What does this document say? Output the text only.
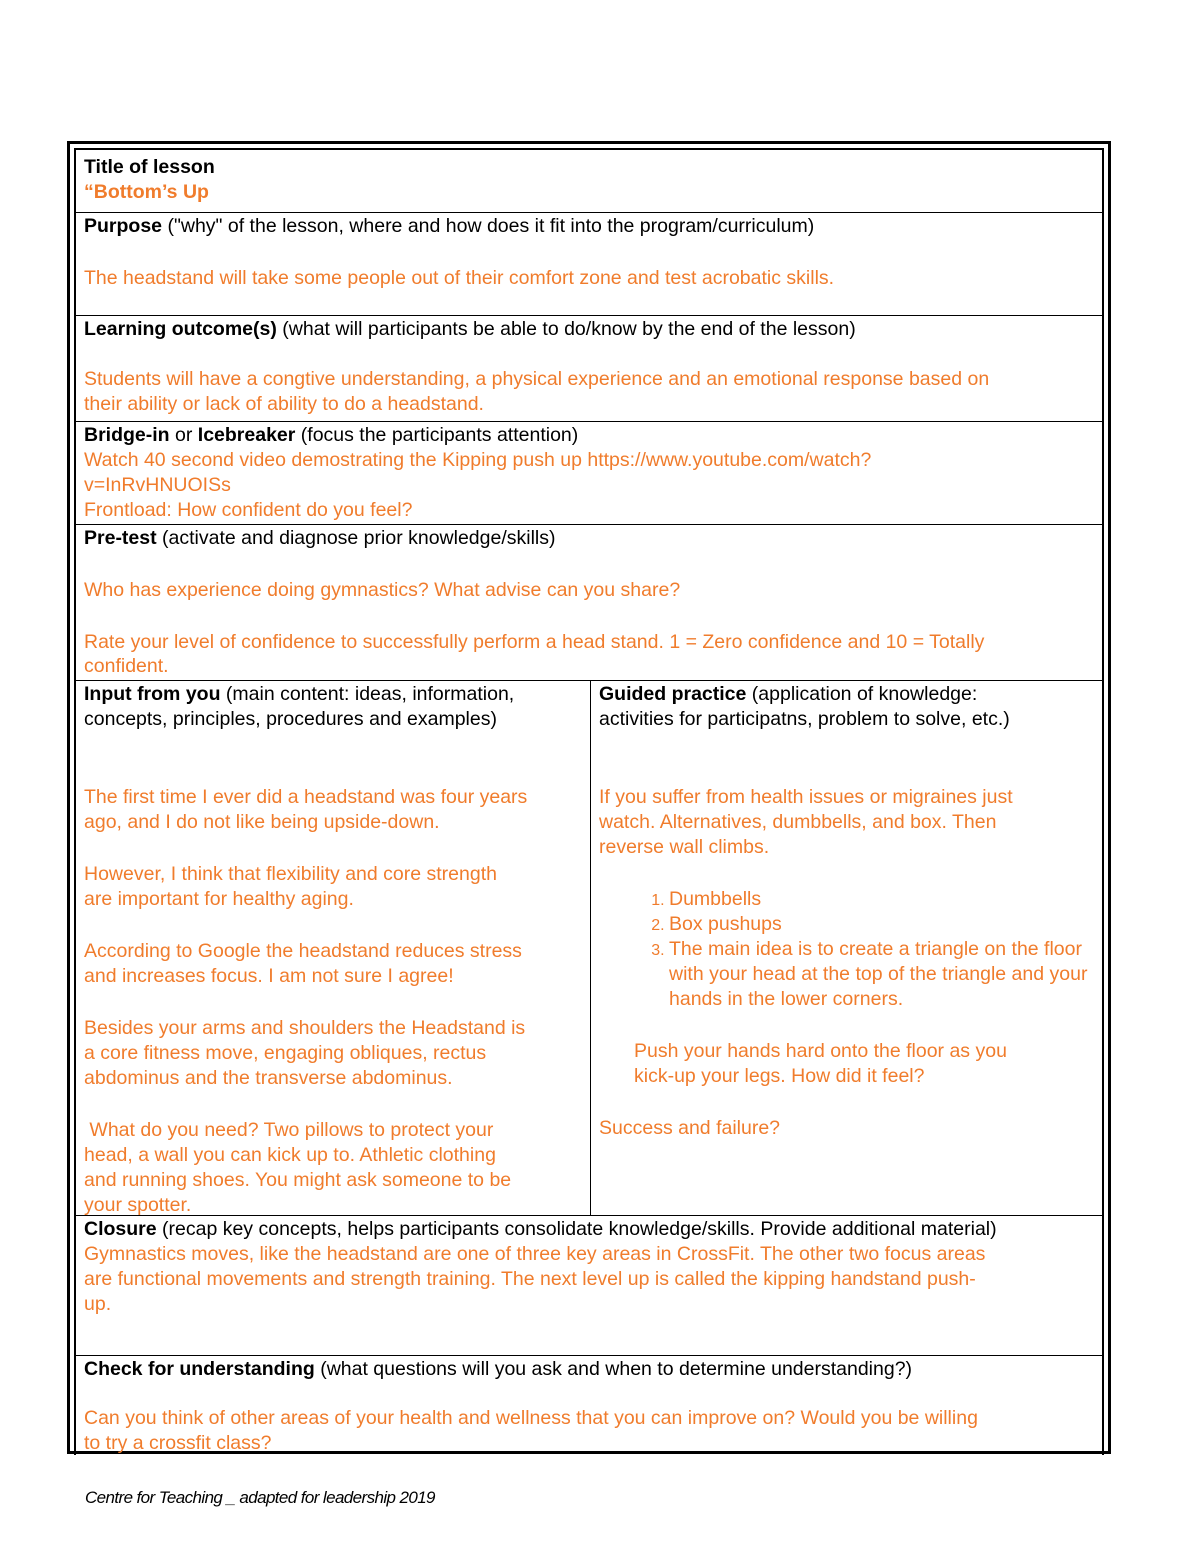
Title of lesson

“Bottom’s Up

Purpose ("why" of the lesson, where and how does it fit into the program/curriculum)

The headstand will take some people out of their comfort zone and test acrobatic skills.

Learning outcome(s) (what will participants be able to do/know by the end of the lesson)

Students will have a congtive understanding, a physical experience and an emotional response based on

their ability or lack of ability to do a headstand.

Bridge-in or Icebreaker (focus the participants attention)

Watch 40 second video demostrating the Kipping push up https://www.youtube.com/watch?

v=InRvHNUOISs

Frontload: How confident do you feel?

Pre-test (activate and diagnose prior knowledge/skills)

Who has experience doing gymnastics? What advise can you share?

Rate your level of confidence to successfully perform a head stand. 1 = Zero confidence and 10 = Totally

confident.

Input from you (main content: ideas, information,

concepts, principles, procedures and examples)

The first time I ever did a headstand was four years

ago, and I do not like being upside-down.

However, I think that flexibility and core strength

are important for healthy aging.

According to Google the headstand reduces stress

and increases focus. I am not sure I agree!

Besides your arms and shoulders the Headstand is

a core fitness move, engaging obliques, rectus

abdominus and the transverse abdominus.

What do you need? Two pillows to protect your

head, a wall you can kick up to. Athletic clothing

and running shoes. You might ask someone to be

your spotter.

Guided practice (application of knowledge:

activities for participatns, problem to solve, etc.)

If you suffer from health issues or migraines just

watch. Alternatives, dumbbells, and box. Then

reverse wall climbs.

1. Dumbbells
2. Box pushups
3. The main idea is to create a triangle on the floor with your head at the top of the triangle and your hands in the lower corners.

Push your hands hard onto the floor as you

kick-up your legs. How did it feel?

Success and failure?

Closure (recap key concepts, helps participants consolidate knowledge/skills. Provide additional material)

Gymnastics moves, like the headstand are one of three key areas in CrossFit. The other two focus areas

are functional movements and strength training. The next level up is called the kipping handstand push-

up.

Check for understanding (what questions will you ask and when to determine understanding?)

Can you think of other areas of your health and wellness that you can improve on? Would you be willing

to try a crossfit class?

Centre for Teaching _ adapted for leadership 2019
